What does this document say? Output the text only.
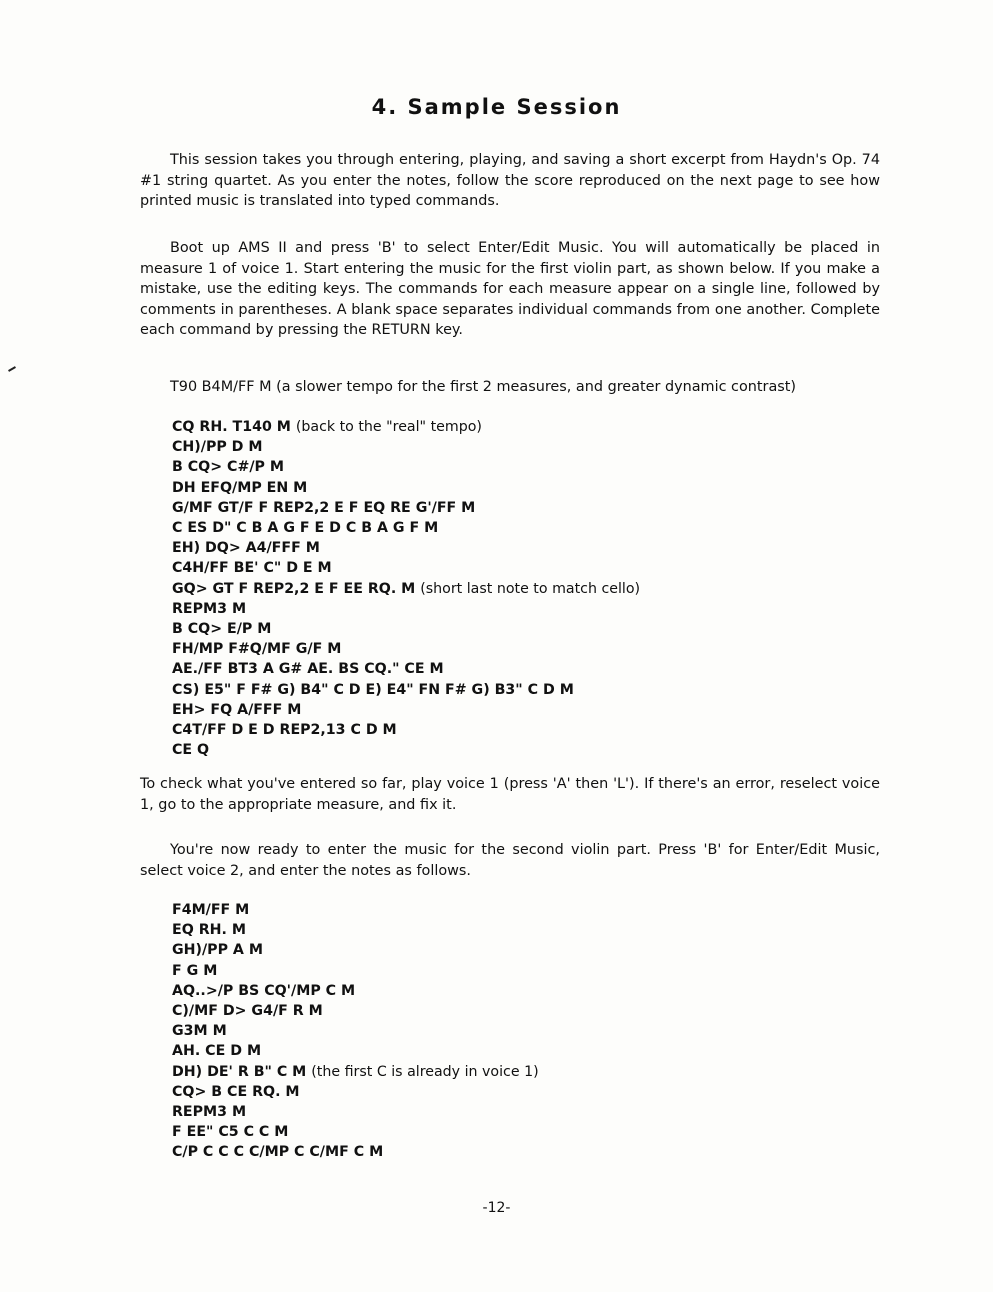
4. Sample Session

This session takes you through entering, playing, and saving a short excerpt from Haydn's Op. 74 #1 string quartet. As you enter the notes, follow the score reproduced on the next page to see how printed music is translated into typed commands.

Boot up AMS II and press 'B' to select Enter/Edit Music. You will automatically be placed in measure 1 of voice 1. Start entering the music for the first violin part, as shown below. If you make a mistake, use the editing keys. The commands for each measure appear on a single line, followed by comments in parentheses. A blank space separates individual commands from one another. Complete each command by pressing the RETURN key.

T90 B4M/FF M (a slower tempo for the first 2 measures, and greater dynamic contrast)

CQ RH. T140 M (back to the "real" tempo)
CH)/PP D M
B CQ> C#/P M
DH EFQ/MP EN M
G/MF GT/F F REP2,2 E F EQ RE G'/FF M
C ES D" C B A G F E D C B A G F M
EH) DQ> A4/FFF M
C4H/FF BE' C" D E M
GQ> GT F REP2,2 E F EE RQ. M (short last note to match cello)
REPM3 M
B CQ> E/P M
FH/MP F#Q/MF G/F M
AE./FF BT3 A G# AE. BS CQ." CE M
CS) E5" F F# G) B4" C D E) E4" FN F# G) B3" C D M
EH> FQ A/FFF M
C4T/FF D E D REP2,13 C D M
CE Q

To check what you've entered so far, play voice 1 (press 'A' then 'L'). If there's an error, reselect voice 1, go to the appropriate measure, and fix it.

You're now ready to enter the music for the second violin part. Press 'B' for Enter/Edit Music, select voice 2, and enter the notes as follows.

F4M/FF M
EQ RH. M
GH)/PP A M
F G M
AQ..>/P BS CQ'/MP C M
C)/MF D> G4/F R M
G3M M
AH. CE D M
DH) DE' R B" C M (the first C is already in voice 1)
CQ> B CE RQ. M
REPM3 M
F EE" C5 C C M
C/P C C C C/MP C C/MF C M
-12-
